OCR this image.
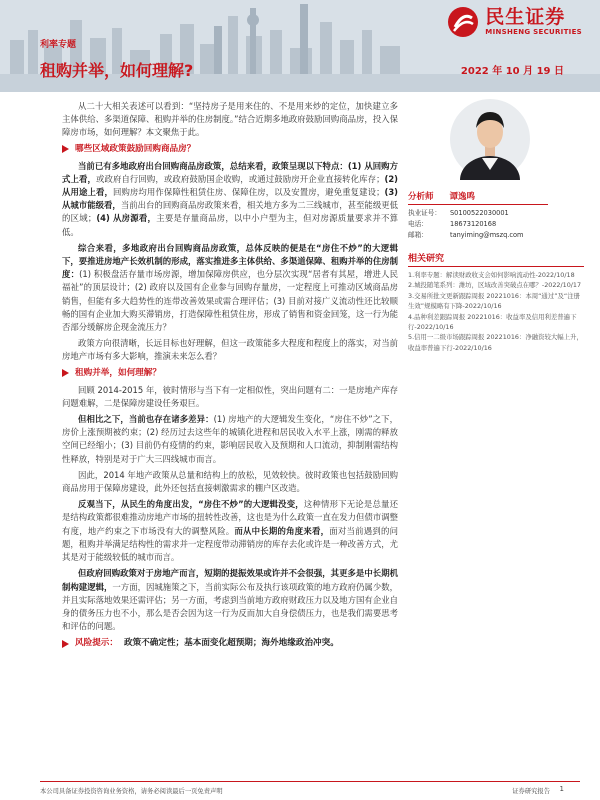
民生证券
MINSHENG SECURITIES
利率专题
租购并举，如何理解?	2022 年 10 月 19 日

从二十大相关表述可以看到：“坚持房子是用来住的、不是用来炒的定位，加快建立多主体供给、多渠道保障、租购并举的住房制度。”结合近期多地政府鼓励回购商品房，投入保障房市场，如何理解？本文聚焦于此。

哪些区域政策鼓励回购商品房？

当前已有多地政府出台回购商品房政策，总结来看，政策呈现以下特点：(1) 从回购方式上看，或政府自行回购，或政府鼓励国企收购，或通过鼓励房开企业直接转化库存；(2) 从用途上看，回购房均用作保障性租赁住房、保障住房，以及安置房，避免重复建设；(3) 从城市能级看，当前出台的回购商品房政策来看，相关地方多为二三线城市，甚至能级更低的区域；(4) 从房源看，主要是存量商品房，以中小户型为主，但对房源质量要求并不算低。

综合来看，多地政府出台回购商品房政策，总体反映的便是在“房住不炒”的大逻辑下，要推进房地产长效机制的形成，落实推进多主体供给、多渠道保障、租购并举的住房制度：(1) 积极盘活存量市场房源，增加保障房供应，也分层次实现“居者有其屋，增进人民福祉”的顶层设计；(2) 政府以及国有企业参与回购存量房，一定程度上可推动区域商品房销售，但能有多大趋势性的连带改善效果或需合理评估；(3) 目前对接广义流动性还比较顺畅的国有企业加大购买滞销房，打造保障性租赁住房，形成了销售和资金回笼，这一行为能否部分缓解房企现金流压力？

政策方向很清晰，长远目标也好理解，但这一政策能多大程度和程度上的落实，对当前房地产市场有多大影响，推演未来怎么看？

租购并举，如何理解？

回顾 2014-2015 年，彼时情形与当下有一定相似性，突出问题有二：一是房地产库存问题难解，二是保障房建设任务艰巨。

但相比之下，当前也存在诸多差异：(1) 房地产的大逻辑发生变化，“房住不炒”之下，房价上涨预期被约束；(2) 经历过去这些年的城镇化进程和居民收入水平上涨，刚需的释放空间已经缩小；(3) 目前仍有疫情的约束，影响居民收入及预期和人口流动，抑制刚需结构性释放，特别是对于广大三四线城市而言。

因此，2014 年地产政策从总量和结构上的放松，见效较快。彼时政策也包括鼓励回购商品房用于保障房建设，此外还包括直接刺激需求的棚户区改造。

反观当下，从民生的角度出发，“房住不炒”的大逻辑没变，这种情形下无论是总量还是结构政策都很难推动房地产市场的扭转性改善，这也是为什么政策一直在发力但债市调整有度，地产约束之下市场没有大的调整风险。而从中长期的角度来看，面对当前遇到的问题，租购并举满足结构性的需求并一定程度带动滞销房的库存去化或许是一种改善方式，尤其是对于能级较低的城市而言。

但政府回购政策对于房地产而言，短期的提振效果或许并不会很强，其更多是中长期机制构建逻辑，一方面，因城施策之下，当前实际公布及执行该项政策的地方政府仍属少数，并且实际落地效果还需评估；另一方面，考虑到当前地方政府财政压力以及地方国有企业自身的债务压力也不小，那么是否会因为这一行为反而加大自身偿债压力，也是我们需要思考和评估的问题。

风险提示： 政策不确定性；基本面变化超预期；海外地缘政治冲突。
分析师 谭逸鸣
执业证号：	S0100522030001
电话：	18673120168
邮箱：	tanyiming@mszq.com
相关研究
1.利率专题：解读财政收支会如何影响流动性-2022/10/18
2.城投随笔系列：潍坊，区域改善突破点在哪？-2022/10/17
3.交易所批文更新跟踪周报 20221016：本周“通过”及“注册生效”规模略有下降-2022/10/16
4.品种利差跟踪周报 20221016：收益率及信用利差普遍下行-2022/10/16
5.信用一二级市场跟踪周报 20221016：净融资较大幅上升，收益率普遍下行-2022/10/16
本公司具备证券投资咨询业务资格，请务必阅读最后一页免责声明	证券研究报告 1
